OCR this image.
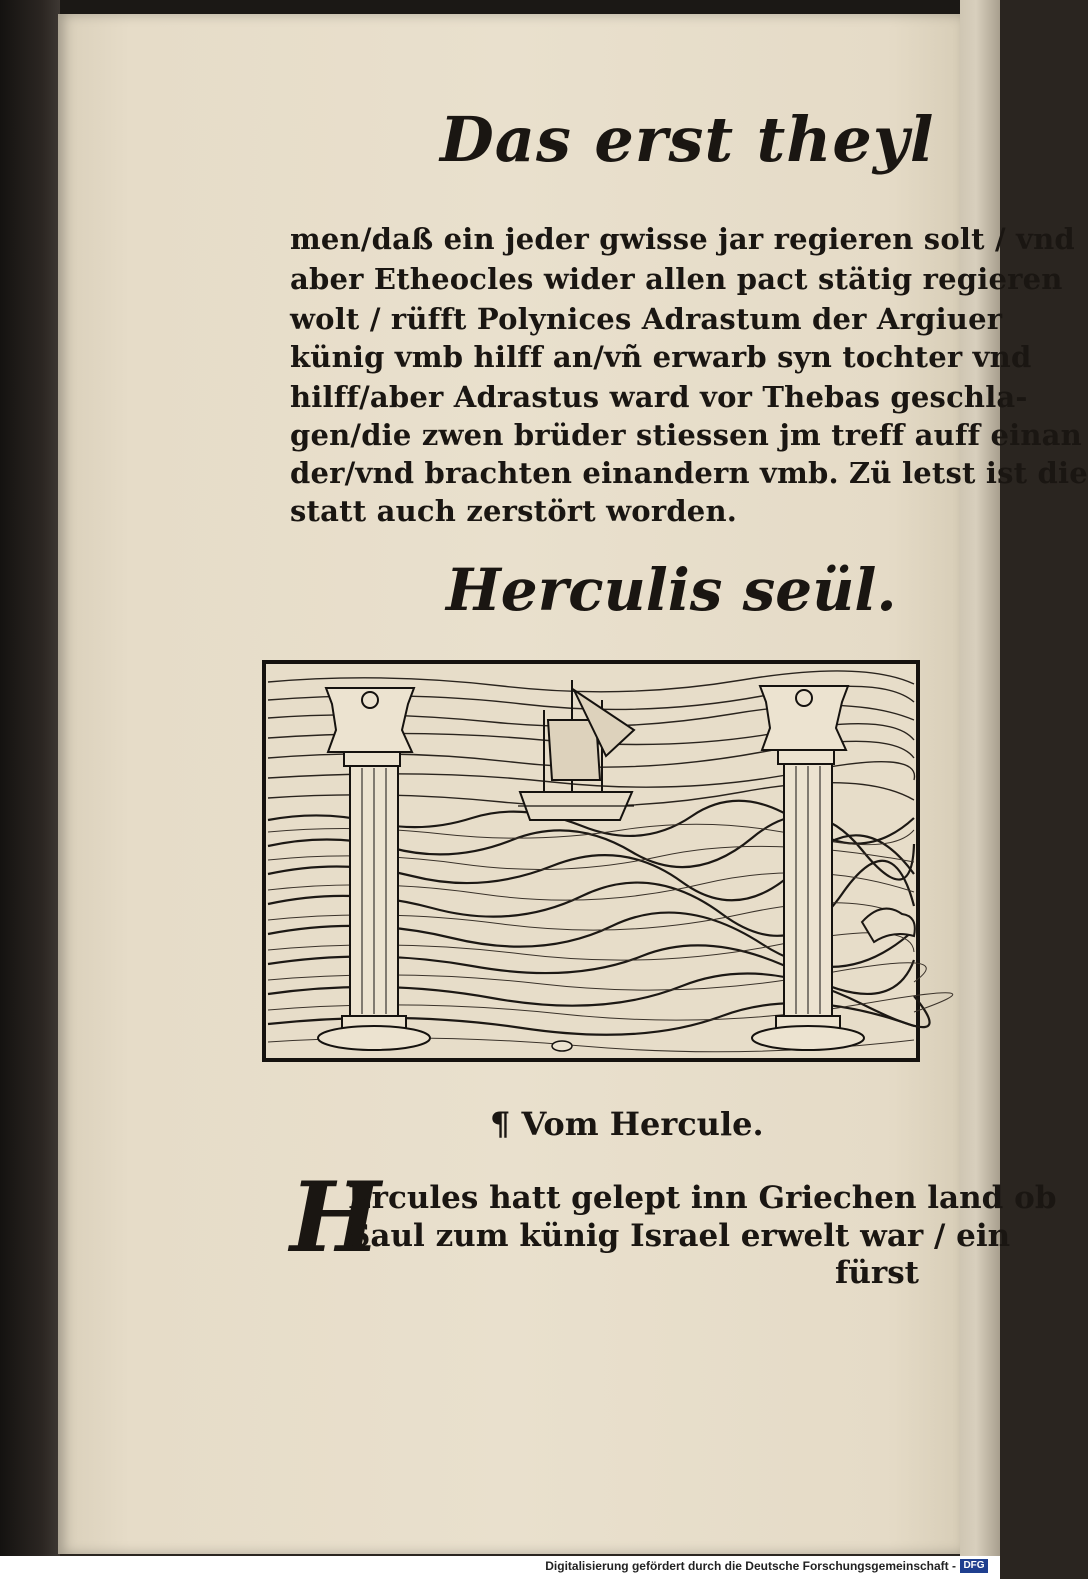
Das erst theyl
men/daß ein jeder gwisse jar regieren solt / vnd
aber Etheocles wider allen pact stätig regieren
wolt / rüfft Polynices Adrastum der Argiuer
künig vmb hilff an/vñ erwarb syn tochter vnd
hilff/aber Adrastus ward vor Thebas geschla-
gen/die zwen brüder stiessen jm treff auff einan
der/vnd brachten einandern vmb. Zü letst ist die
statt auch zerstört worden.
Herculis seül.
¶ Vom Hercule.
H
Ercules hatt gelept inn Griechen land ob
Saul zum künig Israel erwelt war / ein
fürst
Digitalisierung gefördert durch die Deutsche Forschungsgemeinschaft - DFG
